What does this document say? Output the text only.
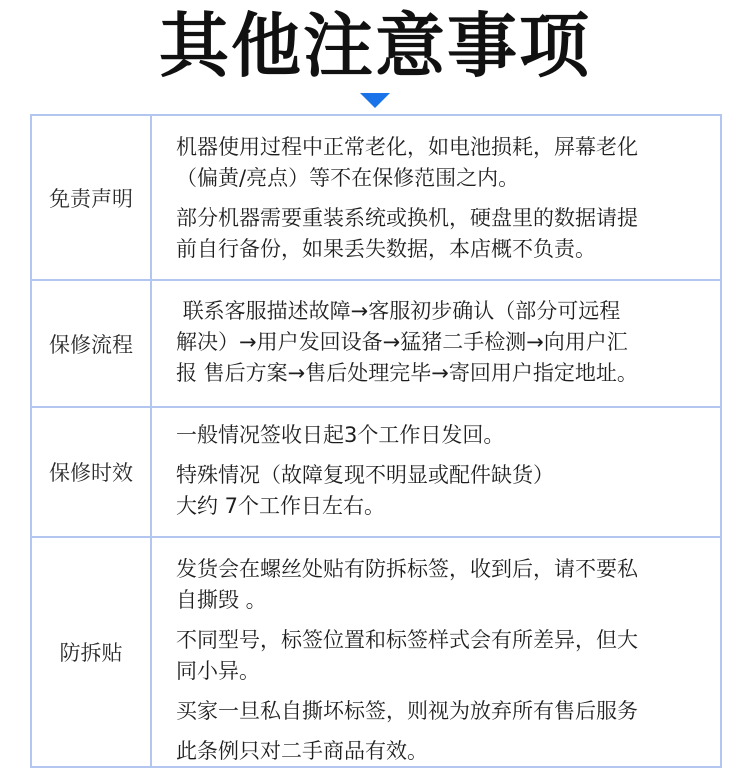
其他注意事项
免责声明

机器使用过程中正常老化，如电池损耗，屏幕老化
（偏黄/亮点）等不在保修范围之内。

部分机器需要重装系统或换机，硬盘里的数据请提
前自行备份，如果丢失数据，本店概不负责。

保修流程

联系客服描述故障→客服初步确认（部分可远程
解决）→用户发回设备→猛猪二手检测→向用户汇
报 售后方案→售后处理完毕→寄回用户指定地址。

保修时效

一般情况签收日起3个工作日发回。

特殊情况（故障复现不明显或配件缺货）
大约 7个工作日左右。

防拆贴

发货会在螺丝处贴有防拆标签，收到后，请不要私
自撕毁 。

不同型号，标签位置和标签样式会有所差异，但大
同小异。

买家一旦私自撕坏标签，则视为放弃所有售后服务

此条例只对二手商品有效。
